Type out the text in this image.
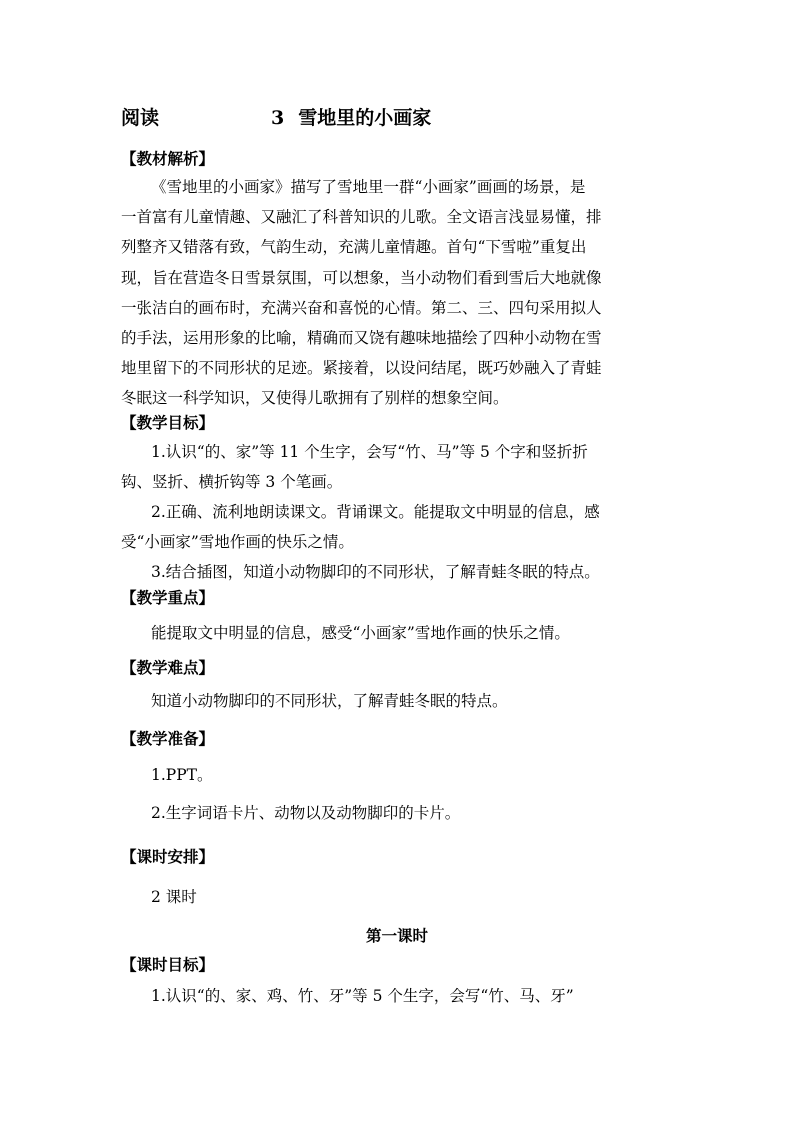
阅读	3 雪地里的小画家
【教材解析】
《雪地里的小画家》描写了雪地里一群“小画家”画画的场景，是
一首富有儿童情趣、又融汇了科普知识的儿歌。全文语言浅显易懂，排
列整齐又错落有致，气韵生动，充满儿童情趣。首句“下雪啦”重复出
现，旨在营造冬日雪景氛围，可以想象，当小动物们看到雪后大地就像
一张洁白的画布时，充满兴奋和喜悦的心情。第二、三、四句采用拟人
的手法，运用形象的比喻，精确而又饶有趣味地描绘了四种小动物在雪
地里留下的不同形状的足迹。紧接着，以设问结尾，既巧妙融入了青蛙
冬眠这一科学知识，又使得儿歌拥有了别样的想象空间。
【教学目标】
1.认识“的、家”等 11 个生字，会写“竹、马”等 5 个字和竖折折
钩、竖折、横折钩等 3 个笔画。
2.正确、流利地朗读课文。背诵课文。能提取文中明显的信息，感
受“小画家”雪地作画的快乐之情。
3.结合插图，知道小动物脚印的不同形状，了解青蛙冬眠的特点。
【教学重点】
能提取文中明显的信息，感受“小画家”雪地作画的快乐之情。
【教学难点】
知道小动物脚印的不同形状，了解青蛙冬眠的特点。
【教学准备】
1.PPT。
2.生字词语卡片、动物以及动物脚印的卡片。
【课时安排】
2 课时
第一课时
【课时目标】
1.认识“的、家、鸡、竹、牙”等 5 个生字，会写“竹、马、牙”
